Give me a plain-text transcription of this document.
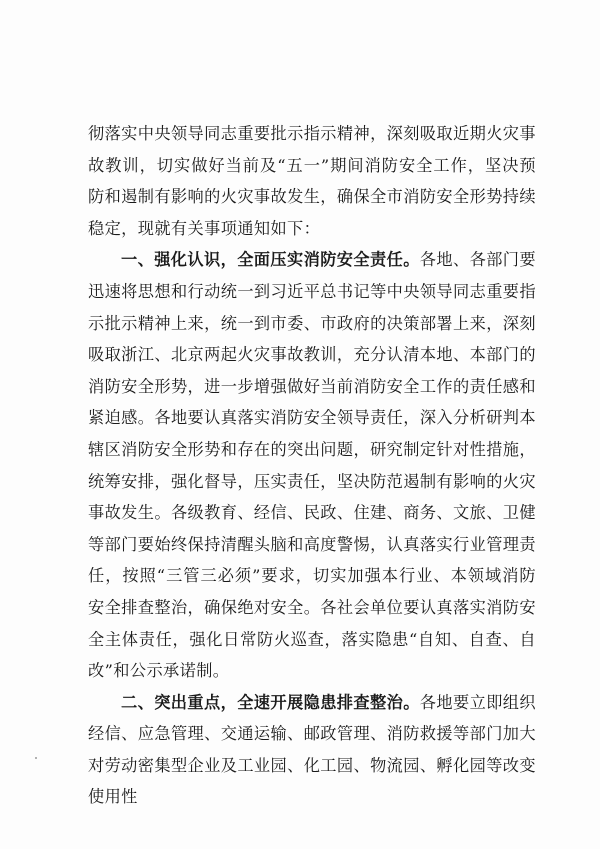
彻落实中央领导同志重要批示指示精神，深刻吸取近期火灾事故教训，切实做好当前及“五一”期间消防安全工作，坚决预防和遏制有影响的火灾事故发生，确保全市消防安全形势持续稳定，现就有关事项通知如下：

一、强化认识，全面压实消防安全责任。各地、各部门要迅速将思想和行动统一到习近平总书记等中央领导同志重要指示批示精神上来，统一到市委、市政府的决策部署上来，深刻吸取浙江、北京两起火灾事故教训，充分认清本地、本部门的消防安全形势，进一步增强做好当前消防安全工作的责任感和紧迫感。各地要认真落实消防安全领导责任，深入分析研判本辖区消防安全形势和存在的突出问题，研究制定针对性措施，统筹安排，强化督导，压实责任，坚决防范遏制有影响的火灾事故发生。各级教育、经信、民政、住建、商务、文旅、卫健等部门要始终保持清醒头脑和高度警惕，认真落实行业管理责任，按照“三管三必须”要求，切实加强本行业、本领域消防安全排查整治，确保绝对安全。各社会单位要认真落实消防安全主体责任，强化日常防火巡查，落实隐患“自知、自查、自改”和公示承诺制。

二、突出重点，全速开展隐患排查整治。各地要立即组织经信、应急管理、交通运输、邮政管理、消防救援等部门加大对劳动密集型企业及工业园、化工园、物流园、孵化园等改变使用性
